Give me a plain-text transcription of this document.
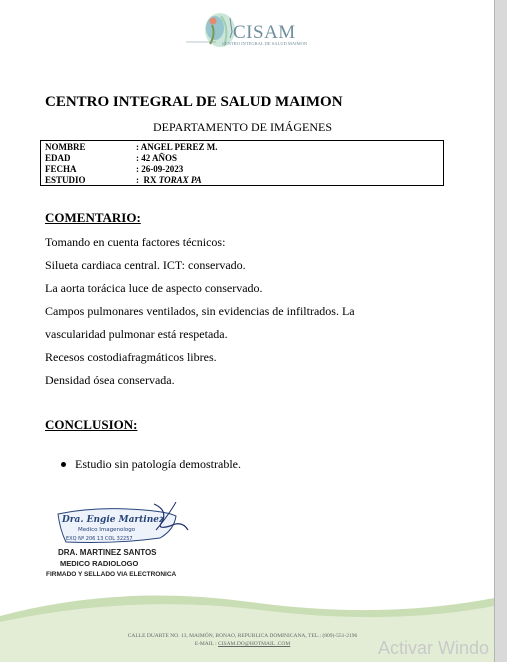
CISAM
CENTRO INTEGRAL DE SALUD MAIMON
CENTRO INTEGRAL DE SALUD MAIMON
DEPARTAMENTO DE IMÁGENES
NOMBRE	: ANGEL PEREZ M.
EDAD	: 42 AÑOS
FECHA	: 26-09-2023
ESTUDIO	:  RX TORAX PA
COMENTARIO:
Tomando en cuenta factores técnicos:
Silueta cardiaca central. ICT: conservado.
La aorta torácica luce de aspecto conservado.
Campos pulmonares ventilados, sin evidencias de infiltrados. La
vascularidad pulmonar está respetada.
Recesos costodiafragmáticos libres.
Densidad ósea conservada.
CONCLUSION:
Estudio sin patología demostrable.
Dra. Engie Martinez
Medico Imagenologo
EXQ Nº 206 13 COL 32257
DRA. MARTINEZ SANTOS
MEDICO RADIOLOGO
FIRMADO Y SELLADO VIA ELECTRONICA
CALLE DUARTE NO. 13, MAIMÓN, BONAO, REPUBLICA DOMINICANA, TEL.: (809)-551-2196
E-MAIL : CISAM.DO@HOTMAIL .COM	Activar Windo
